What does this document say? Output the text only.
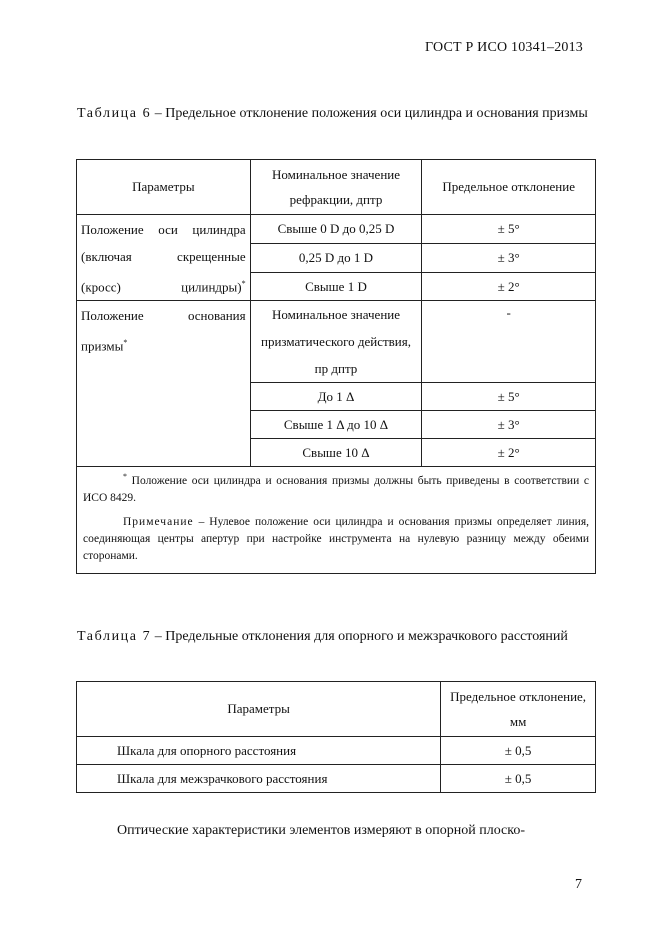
ГОСТ Р ИСО 10341–2013
Таблица 6 – Предельное отклонение положения оси цилиндра и основания призмы
Параметры	Номинальное значение рефракции, дптр	Предельное отклонение
Положение оси цилиндра (включая скрещенные (кросс) цилиндры)*	Свыше 0 D до 0,25 D	± 5°
	0,25 D до 1 D	± 3°
	Свыше 1 D	± 2°
Положение основания призмы*	Номинальное значение призматического действия, пр дптр	-
	До 1 Δ	± 5°
	Свыше 1 Δ до 10 Δ	± 3°
	Свыше 10 Δ	± 2°

* Положение оси цилиндра и основания призмы должны быть приведены в соответствии с ИСО 8429.

Примечание – Нулевое положение оси цилиндра и основания призмы определяет линия, соединяющая центры апертур при настройке инструмента на нулевую разницу между обеими сторонами.		

Таблица 7 – Предельные отклонения для опорного и межзрачкового расстояний
Параметры	Предельное отклонение, мм
Шкала для опорного расстояния	± 0,5
Шкала для межзрачкового расстояния	± 0,5
Оптические характеристики элементов измеряют в опорной плоско-
7
